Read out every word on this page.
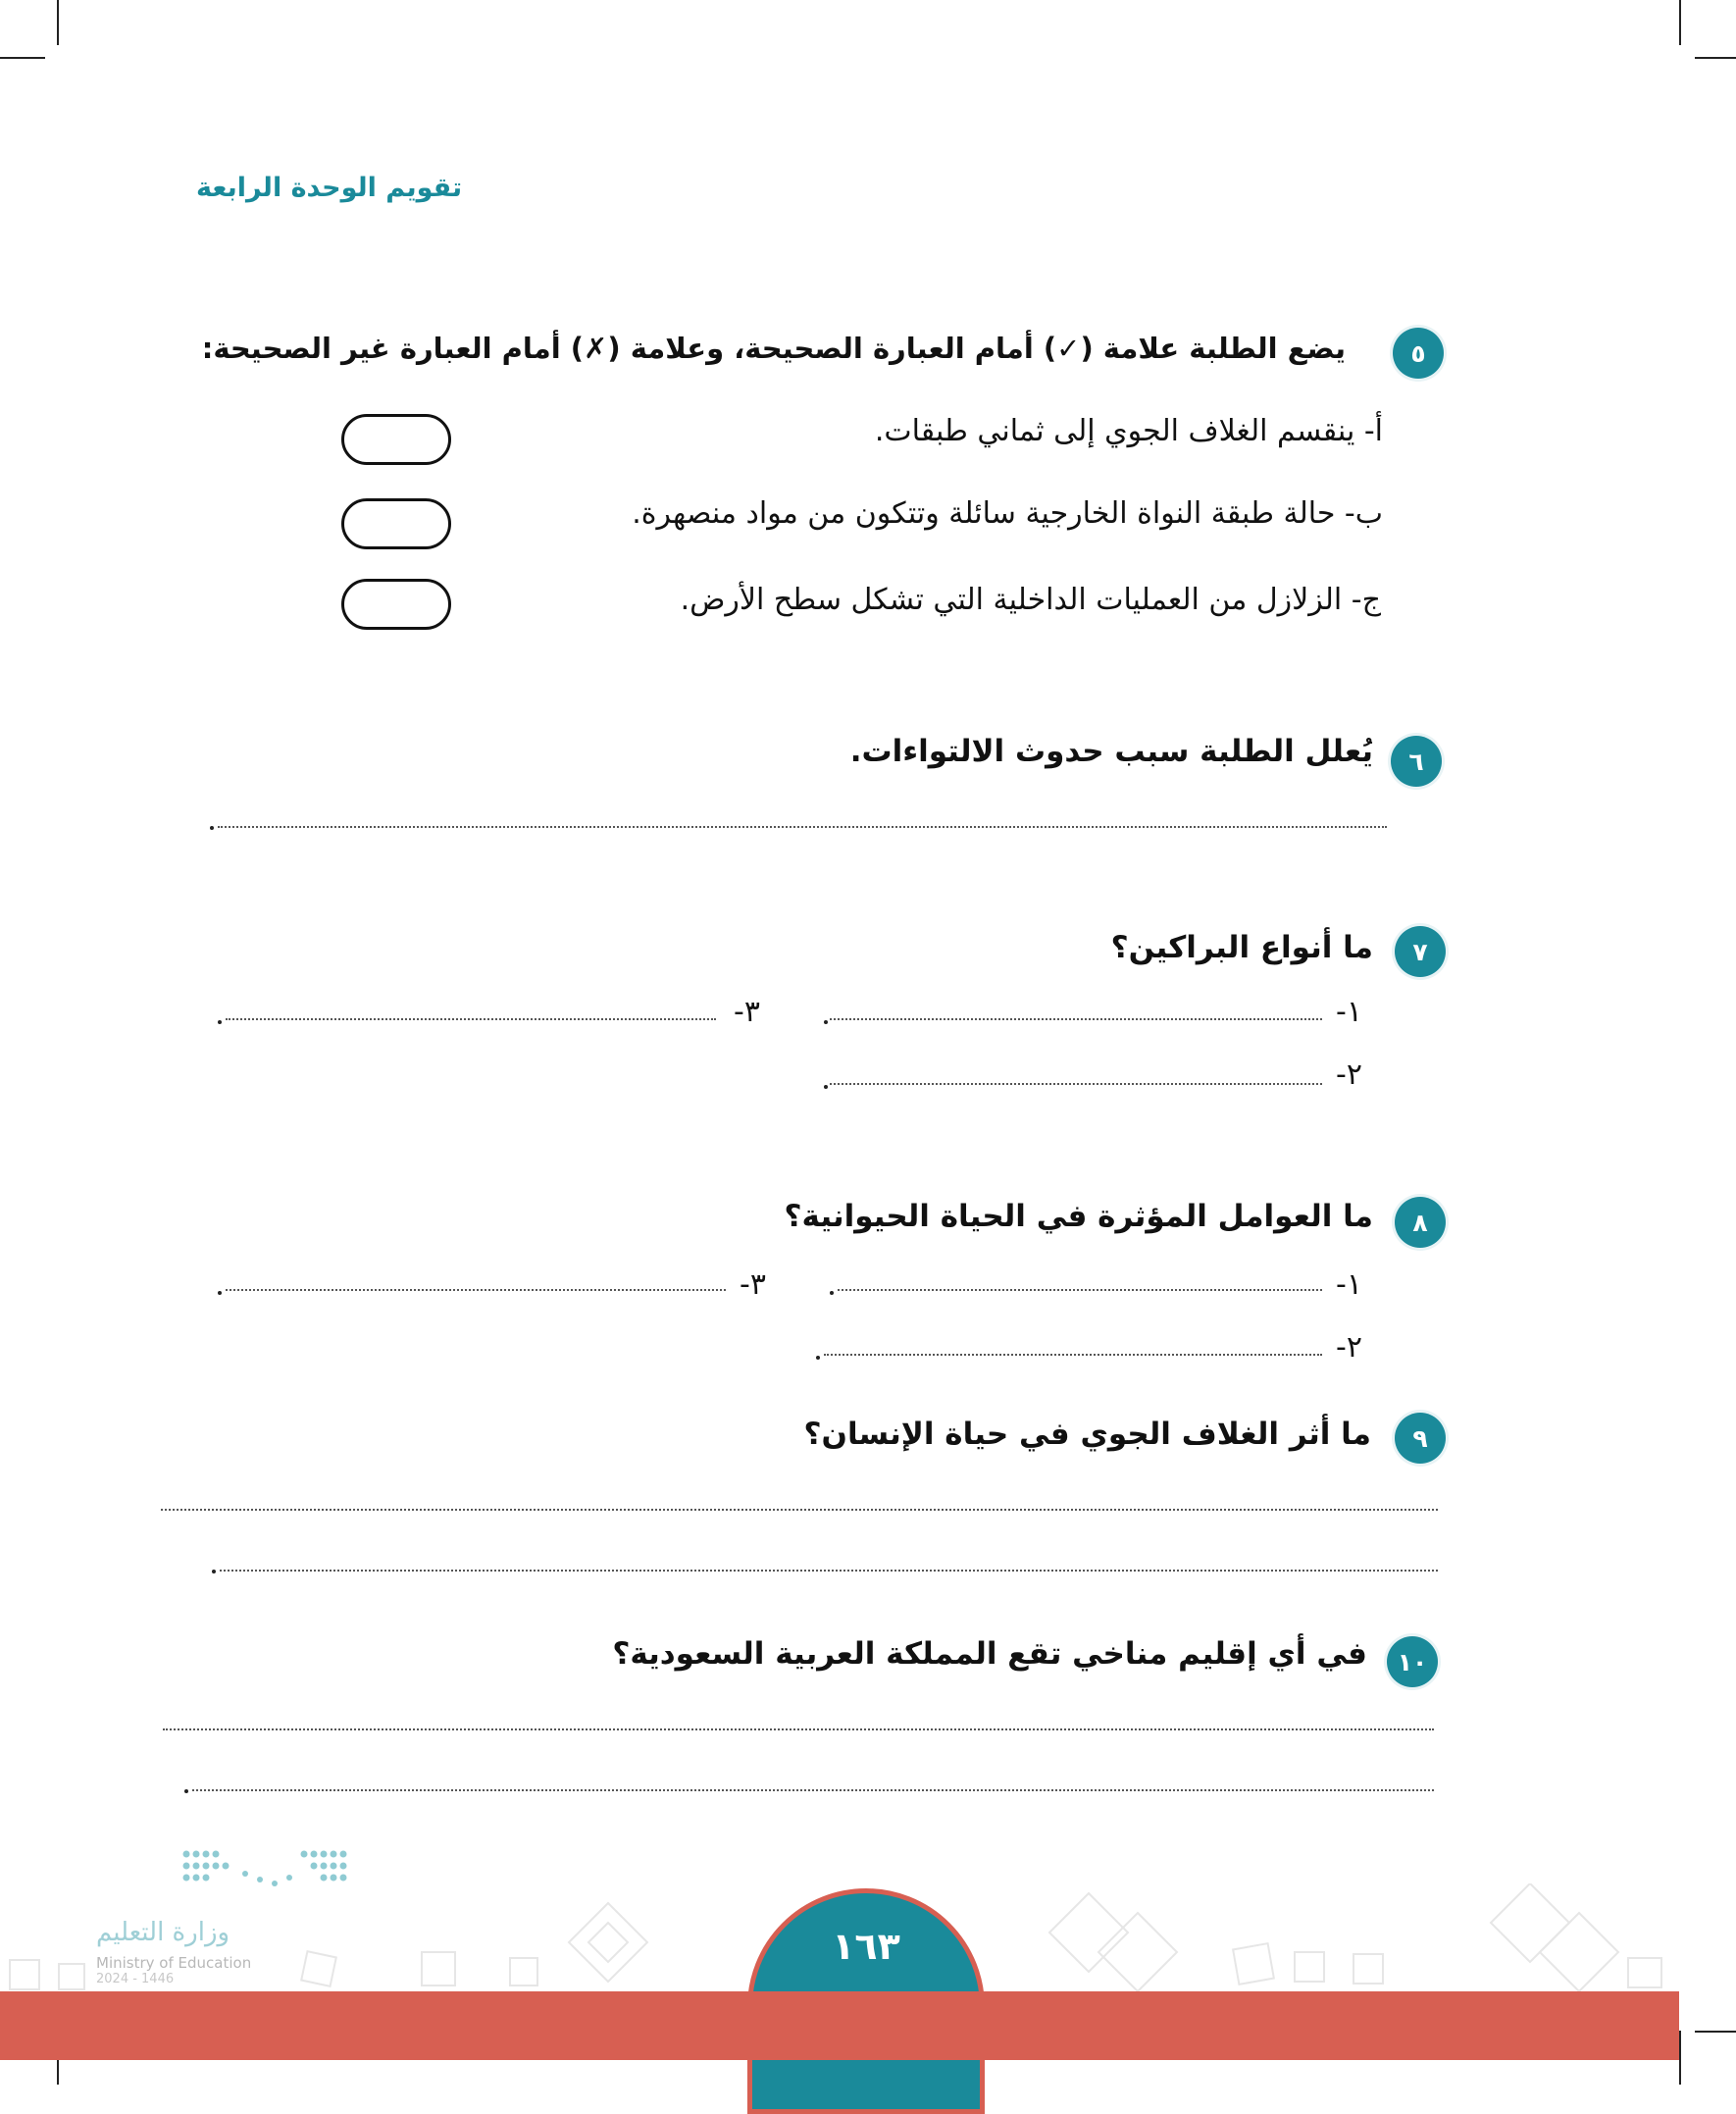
تقويم الوحدة الرابعة
٥
يضع الطلبة علامة (✓) أمام العبارة الصحيحة، وعلامة (✗) أمام العبارة غير الصحيحة:
أ- ينقسم الغلاف الجوي إلى ثماني طبقات.
ب- حالة طبقة النواة الخارجية سائلة وتتكون من مواد منصهرة.
ج- الزلازل من العمليات الداخلية التي تشكل سطح الأرض.
٦
يُعلل الطلبة سبب حدوث الالتواءات.
٧
ما أنواع البراكين؟
١-
٣-
٢-
٨
ما العوامل المؤثرة في الحياة الحيوانية؟
١-
٣-
٢-
٩
ما أثر الغلاف الجوي في حياة الإنسان؟
١٠
في أي إقليم مناخي تقع المملكة العربية السعودية؟
وزارة التعليم
Ministry of Education
2024 - 1446
١٦٣
